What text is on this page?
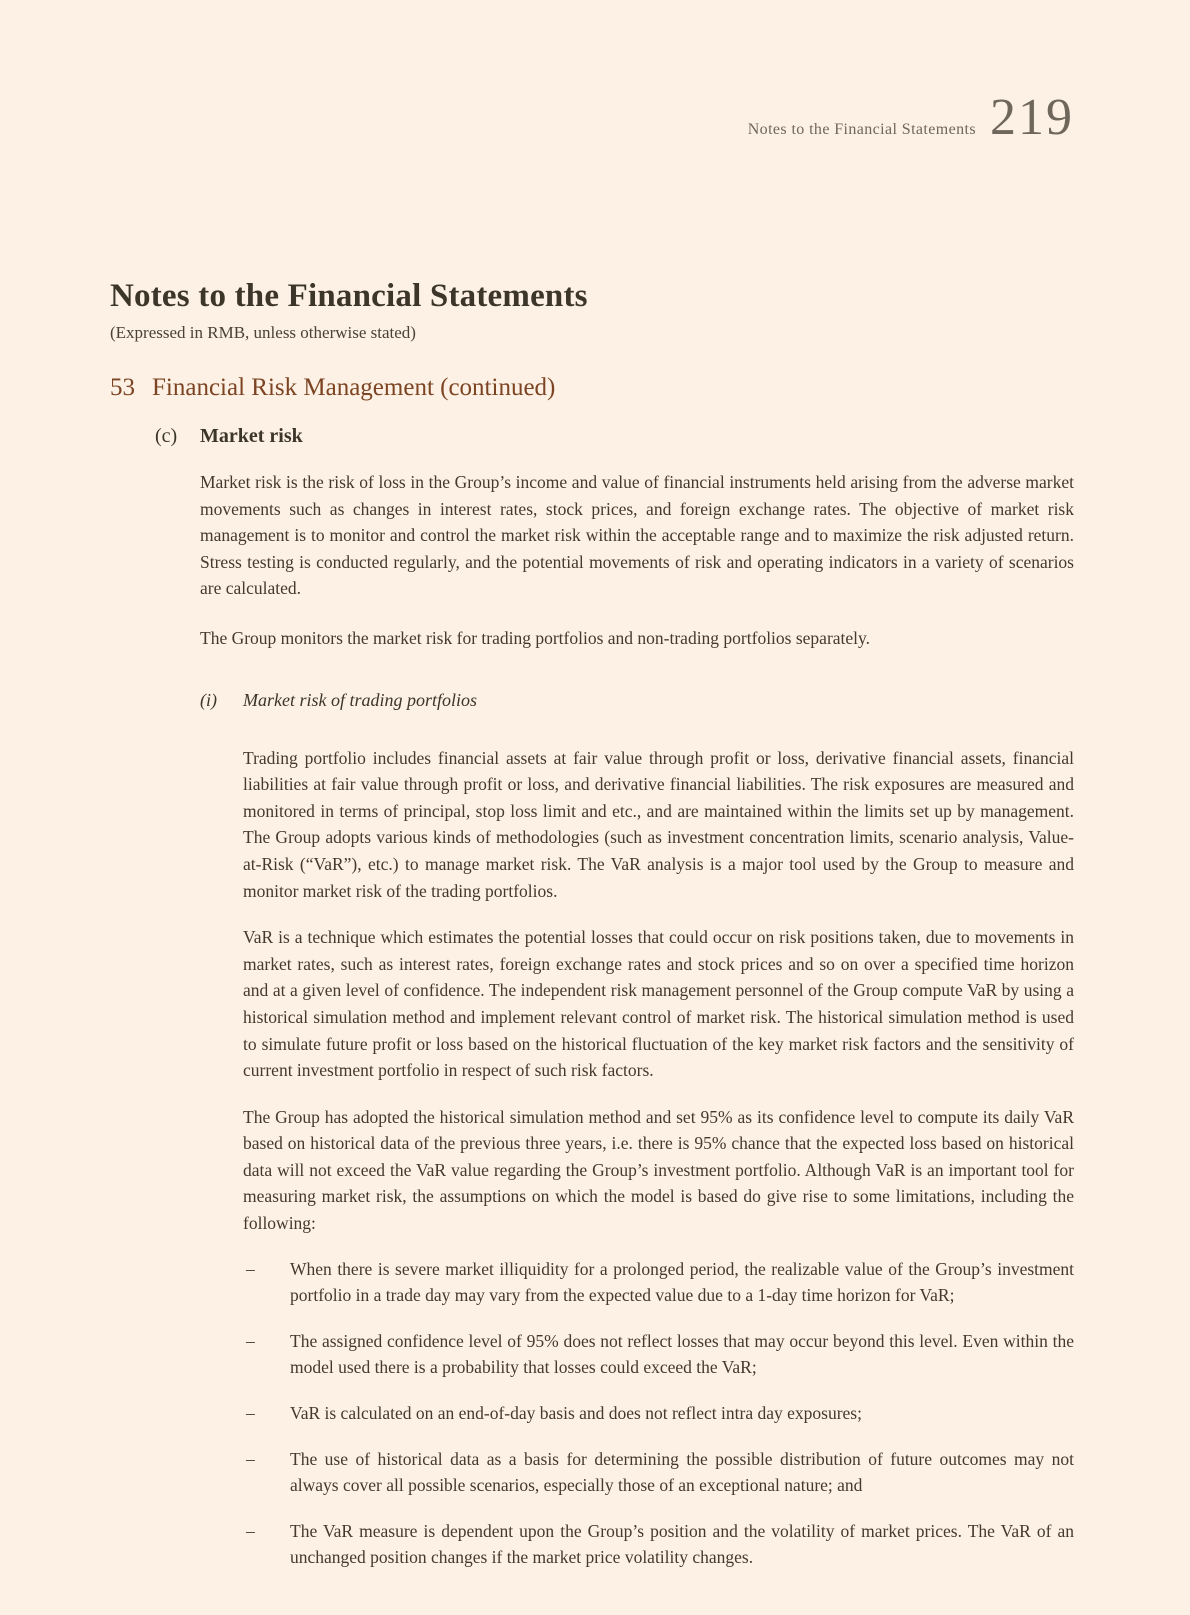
Notes to the Financial Statements 219
Notes to the Financial Statements
(Expressed in RMB, unless otherwise stated)
53 Financial Risk Management (continued)
(c)	Market risk

Market risk is the risk of loss in the Group’s income and value of financial instruments held arising from the adverse market movements such as changes in interest rates, stock prices, and foreign exchange rates. The objective of market risk management is to monitor and control the market risk within the acceptable range and to maximize the risk adjusted return. Stress testing is conducted regularly, and the potential movements of risk and operating indicators in a variety of scenarios are calculated.

The Group monitors the market risk for trading portfolios and non-trading portfolios separately.

(i)	Market risk of trading portfolios

Trading portfolio includes financial assets at fair value through profit or loss, derivative financial assets, financial liabilities at fair value through profit or loss, and derivative financial liabilities. The risk exposures are measured and monitored in terms of principal, stop loss limit and etc., and are maintained within the limits set up by management. The Group adopts various kinds of methodologies (such as investment concentration limits, scenario analysis, Value-at-Risk (“VaR”), etc.) to manage market risk. The VaR analysis is a major tool used by the Group to measure and monitor market risk of the trading portfolios.

VaR is a technique which estimates the potential losses that could occur on risk positions taken, due to movements in market rates, such as interest rates, foreign exchange rates and stock prices and so on over a specified time horizon and at a given level of confidence. The independent risk management personnel of the Group compute VaR by using a historical simulation method and implement relevant control of market risk. The historical simulation method is used to simulate future profit or loss based on the historical fluctuation of the key market risk factors and the sensitivity of current investment portfolio in respect of such risk factors.

The Group has adopted the historical simulation method and set 95% as its confidence level to compute its daily VaR based on historical data of the previous three years, i.e. there is 95% chance that the expected loss based on historical data will not exceed the VaR value regarding the Group’s investment portfolio. Although VaR is an important tool for measuring market risk, the assumptions on which the model is based do give rise to some limitations, including the following:

–	When there is severe market illiquidity for a prolonged period, the realizable value of the Group’s investment portfolio in a trade day may vary from the expected value due to a 1-day time horizon for VaR;
–	The assigned confidence level of 95% does not reflect losses that may occur beyond this level. Even within the model used there is a probability that losses could exceed the VaR;
–	VaR is calculated on an end-of-day basis and does not reflect intra day exposures;
–	The use of historical data as a basis for determining the possible distribution of future outcomes may not always cover all possible scenarios, especially those of an exceptional nature; and
–	The VaR measure is dependent upon the Group’s position and the volatility of market prices. The VaR of an unchanged position changes if the market price volatility changes.
